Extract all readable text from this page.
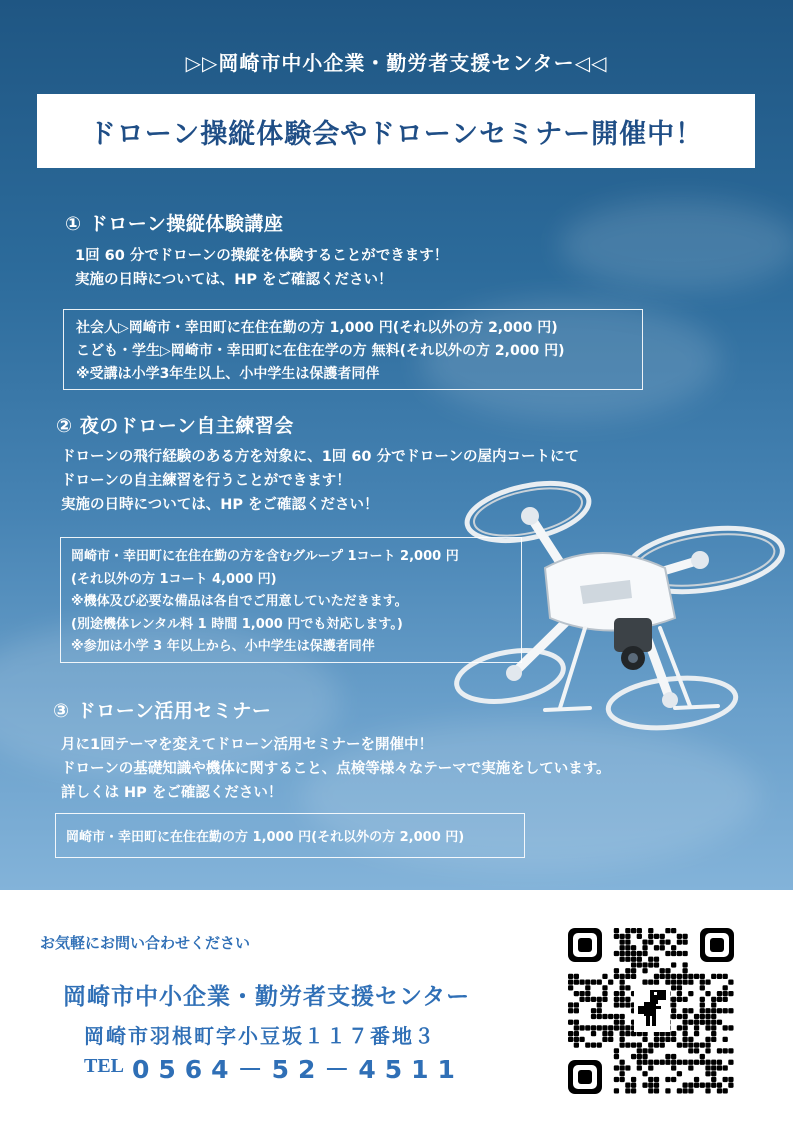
▷▷岡崎市中小企業・勤労者支援センター◁◁
ドローン操縦体験会やドローンセミナー開催中！
① ドローン操縦体験講座
1回 60 分でドローンの操縦を体験することができます！
実施の日時については、HP をご確認ください！
社会人▷岡崎市・幸田町に在住在勤の方 1,000 円(それ以外の方 2,000 円)
こども・学生▷岡崎市・幸田町に在住在学の方 無料(それ以外の方 2,000 円)
※受講は小学3年生以上、小中学生は保護者同伴
② 夜のドローン自主練習会
ドローンの飛行経験のある方を対象に、1回 60 分でドローンの屋内コートにて
ドローンの自主練習を行うことができます！
実施の日時については、HP をご確認ください！
岡崎市・幸田町に在住在勤の方を含むグループ 1コート 2,000 円
(それ以外の方 1コート 4,000 円)
※機体及び必要な備品は各自でご用意していただきます。
(別途機体レンタル料 1 時間 1,000 円でも対応します。)
※参加は小学 3 年以上から、小中学生は保護者同伴
③ ドローン活用セミナー
月に1回テーマを変えてドローン活用セミナーを開催中！
ドローンの基礎知識や機体に関すること、点検等様々なテーマで実施をしています。
詳しくは HP をご確認ください！
岡崎市・幸田町に在住在勤の方 1,000 円(それ以外の方 2,000 円)
お気軽にお問い合わせください
岡崎市中小企業・勤労者支援センター
岡崎市羽根町字小豆坂１１７番地３
TEL 0564－52－4511
